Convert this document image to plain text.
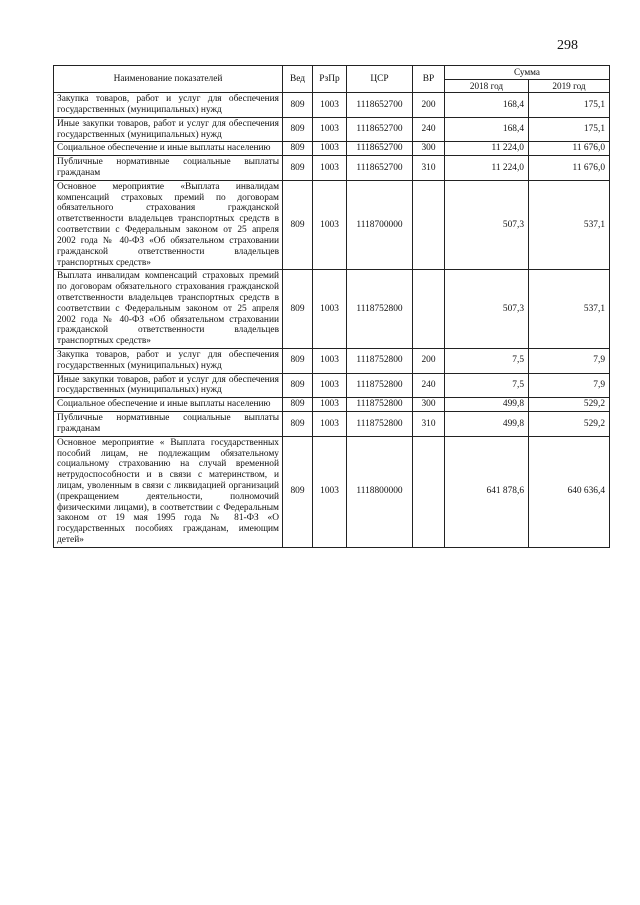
298
Наименование показателей	Вед	РзПр	ЦСР	ВР	Сумма	
					2018 год	2019 год
Закупка товаров, работ и услуг для обеспечения государственных (муниципальных) нужд	809	1003	1118652700	200	168,4	175,1
Иные закупки товаров, работ и услуг для обеспечения государственных (муниципальных) нужд	809	1003	1118652700	240	168,4	175,1
Социальное обеспечение и иные выплаты населению	809	1003	1118652700	300	11 224,0	11 676,0
Публичные нормативные социальные выплаты гражданам	809	1003	1118652700	310	11 224,0	11 676,0
Основное мероприятие «Выплата инвалидам компенсаций страховых премий по договорам обязательного страхования гражданской ответственности владельцев транспортных средств в соответствии с Федеральным законом от 25 апреля 2002 года № 40-ФЗ «Об обязательном страховании гражданской ответственности владельцев транспортных средств»	809	1003	1118700000		507,3	537,1
Выплата инвалидам компенсаций страховых премий по договорам обязательного страхования гражданской ответственности владельцев транспортных средств в соответствии с Федеральным законом от 25 апреля 2002 года № 40-ФЗ «Об обязательном страховании гражданской ответственности владельцев транспортных средств»	809	1003	1118752800		507,3	537,1
Закупка товаров, работ и услуг для обеспечения государственных (муниципальных) нужд	809	1003	1118752800	200	7,5	7,9
Иные закупки товаров, работ и услуг для обеспечения государственных (муниципальных) нужд	809	1003	1118752800	240	7,5	7,9
Социальное обеспечение и иные выплаты населению	809	1003	1118752800	300	499,8	529,2
Публичные нормативные социальные выплаты гражданам	809	1003	1118752800	310	499,8	529,2
Основное мероприятие « Выплата государственных пособий лицам, не подлежащим обязательному социальному страхованию на случай временной нетрудоспособности и в связи с материнством, и лицам, уволенным в связи с ликвидацией организаций (прекращением деятельности, полномочий физическими лицами), в соответствии с Федеральным законом от 19 мая 1995 года № 81-ФЗ «О государственных пособиях гражданам, имеющим детей»	809	1003	1118800000		641 878,6	640 636,4
